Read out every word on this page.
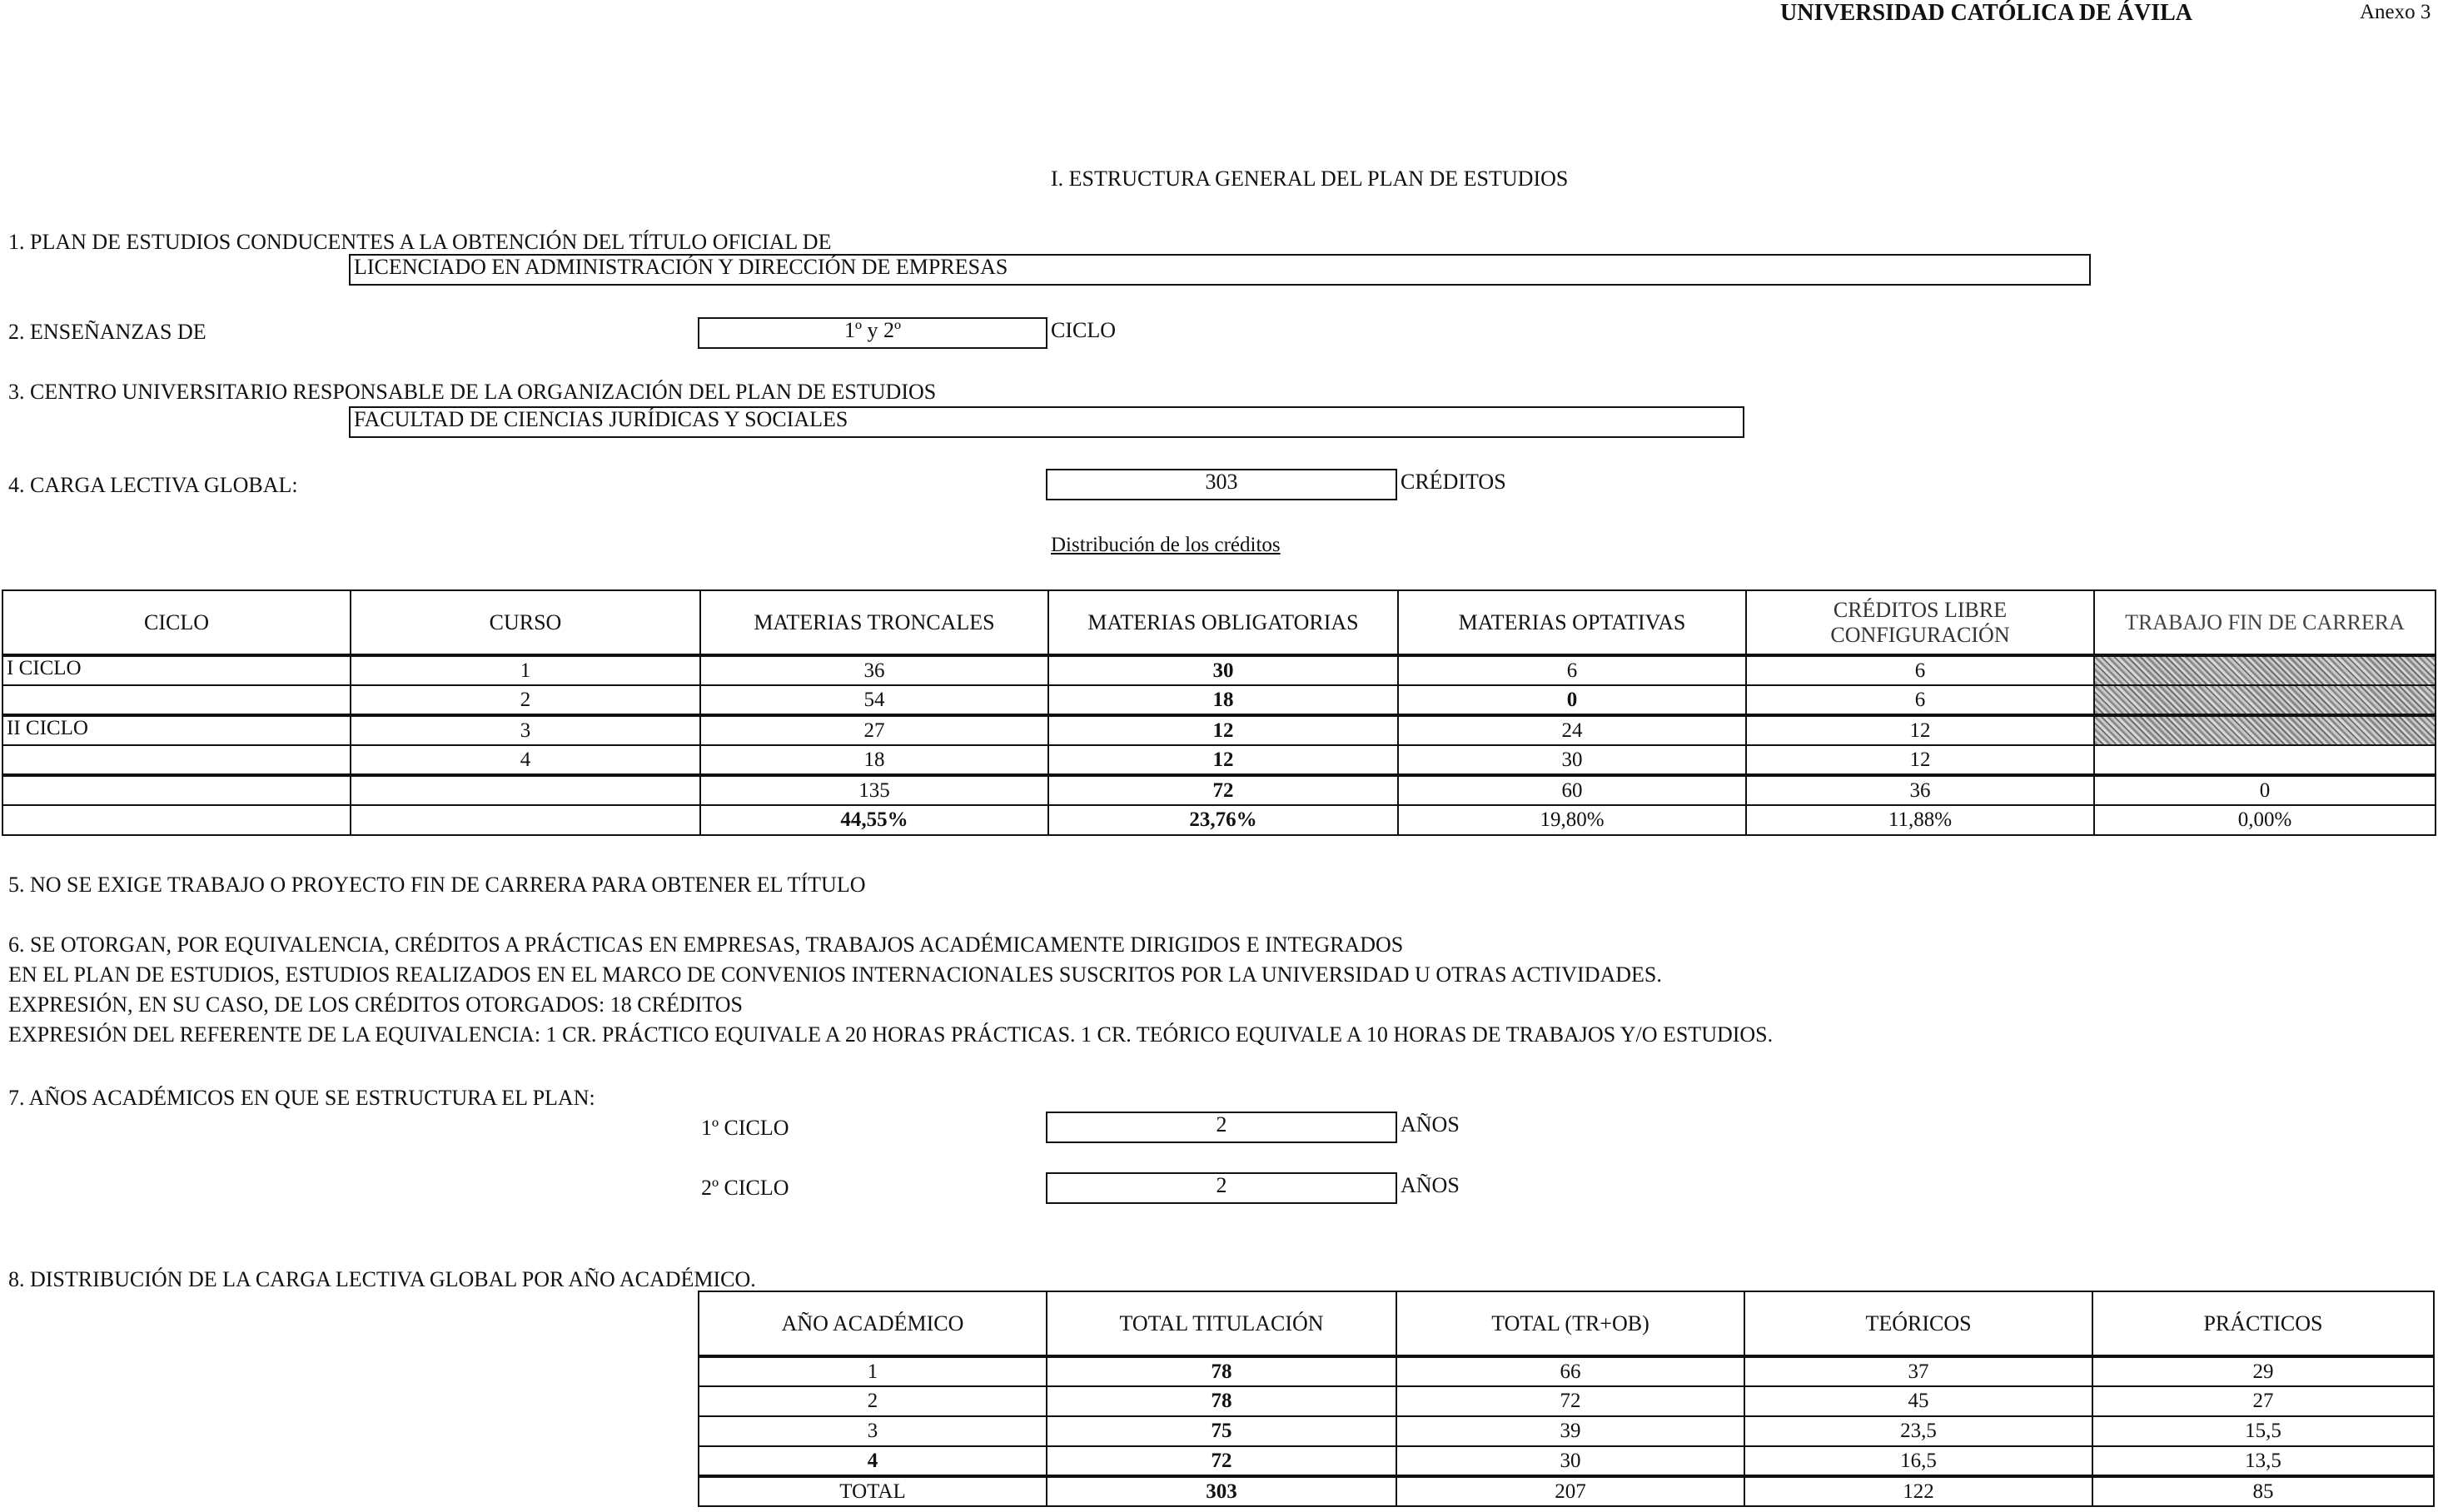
UNIVERSIDAD CATÓLICA DE ÁVILA	Anexo 3
I. ESTRUCTURA GENERAL DEL PLAN DE ESTUDIOS
1. PLAN DE ESTUDIOS CONDUCENTES A LA OBTENCIÓN DEL TÍTULO OFICIAL DE
LICENCIADO EN ADMINISTRACIÓN Y DIRECCIÓN DE EMPRESAS
2. ENSEÑANZAS DE	1º y 2º	CICLO
3. CENTRO UNIVERSITARIO RESPONSABLE DE LA ORGANIZACIÓN DEL PLAN DE ESTUDIOS
FACULTAD DE CIENCIAS JURÍDICAS Y SOCIALES
4. CARGA LECTIVA GLOBAL:	303	CRÉDITOS
Distribución de los créditos
CICLO	CURSO	MATERIAS TRONCALES	MATERIAS OBLIGATORIAS	MATERIAS OPTATIVAS	CRÉDITOS LIBRE
CONFIGURACIÓN	TRABAJO FIN DE CARRERA
I CICLO	1	36	30	6	6	
	2	54	18	0	6	
II CICLO	3	27	12	24	12	
	4	18	12	30	12	
		135	72	60	36	0
		44,55%	23,76%	19,80%	11,88%	0,00%
5. NO SE EXIGE TRABAJO O PROYECTO FIN DE CARRERA PARA OBTENER EL TÍTULO
6. SE OTORGAN, POR EQUIVALENCIA, CRÉDITOS A PRÁCTICAS EN EMPRESAS, TRABAJOS ACADÉMICAMENTE DIRIGIDOS E INTEGRADOS
EN EL PLAN DE ESTUDIOS, ESTUDIOS REALIZADOS EN EL MARCO DE CONVENIOS INTERNACIONALES SUSCRITOS POR LA UNIVERSIDAD U OTRAS ACTIVIDADES.
EXPRESIÓN, EN SU CASO, DE LOS CRÉDITOS OTORGADOS: 18 CRÉDITOS
EXPRESIÓN DEL REFERENTE DE LA EQUIVALENCIA: 1 CR. PRÁCTICO EQUIVALE A 20 HORAS PRÁCTICAS. 1 CR. TEÓRICO EQUIVALE A 10 HORAS DE TRABAJOS Y/O ESTUDIOS.
7. AÑOS ACADÉMICOS EN QUE SE ESTRUCTURA EL PLAN:
1º CICLO	2	AÑOS
2º CICLO	2	AÑOS
8. DISTRIBUCIÓN DE LA CARGA LECTIVA GLOBAL POR AÑO ACADÉMICO.
AÑO ACADÉMICO	TOTAL TITULACIÓN	TOTAL (TR+OB)	TEÓRICOS	PRÁCTICOS
1	78	66	37	29
2	78	72	45	27
3	75	39	23,5	15,5
4	72	30	16,5	13,5
TOTAL	303	207	122	85
